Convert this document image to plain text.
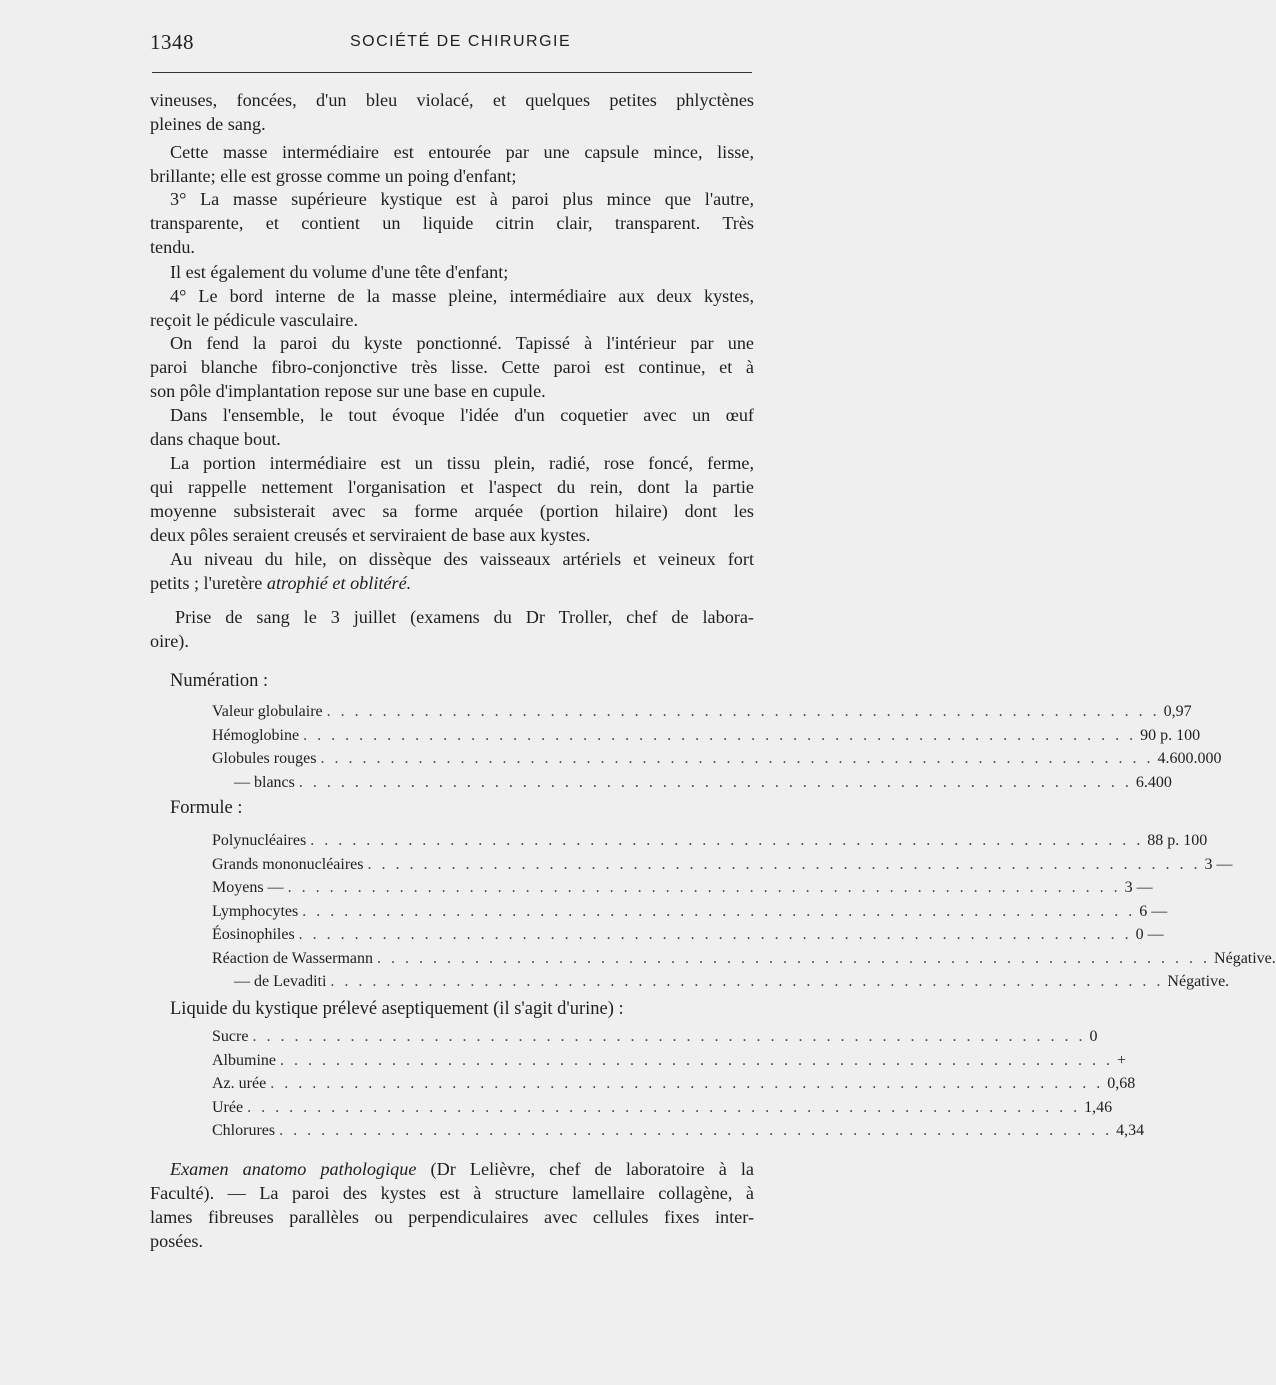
1348	SOCIÉTÉ DE CHIRURGIE
vineuses, foncées, d'un bleu violacé, et quelques petites phlyctènes
pleines de sang.
Cette masse intermédiaire est entourée par une capsule mince, lisse,
brillante; elle est grosse comme un poing d'enfant;
3° La masse supérieure kystique est à paroi plus mince que l'autre,
transparente, et contient un liquide citrin clair, transparent. Très
tendu.
Il est également du volume d'une tête d'enfant;
4° Le bord interne de la masse pleine, intermédiaire aux deux kystes,
reçoit le pédicule vasculaire.
On fend la paroi du kyste ponctionné. Tapissé à l'intérieur par une
paroi blanche fibro-conjonctive très lisse. Cette paroi est continue, et à
son pôle d'implantation repose sur une base en cupule.
Dans l'ensemble, le tout évoque l'idée d'un coquetier avec un œuf
dans chaque bout.
La portion intermédiaire est un tissu plein, radié, rose foncé, ferme,
qui rappelle nettement l'organisation et l'aspect du rein, dont la partie
moyenne subsisterait avec sa forme arquée (portion hilaire) dont les
deux pôles seraient creusés et serviraient de base aux kystes.
Au niveau du hile, on dissèque des vaisseaux artériels et veineux fort
petits ; l'uretère atrophié et oblitéré.
Prise de sang le 3 juillet (examens du Dr Troller, chef de labora-
oire).
Numération :
Valeur globulaire . . . . . . . . . . . . . . . . . . . . . . . . . . . . . . . . . . . . . . . . . . . . . . . . . . . . . . . . . . . . 0,97
Hémoglobine . . . . . . . . . . . . . . . . . . . . . . . . . . . . . . . . . . . . . . . . . . . . . . . . . . . . . . . . . . . . 90 p. 100
Globules rouges . . . . . . . . . . . . . . . . . . . . . . . . . . . . . . . . . . . . . . . . . . . . . . . . . . . . . . . . . . . . 4.600.000
— blancs . . . . . . . . . . . . . . . . . . . . . . . . . . . . . . . . . . . . . . . . . . . . . . . . . . . . . . . . . . . . 6.400
Formule :
Polynucléaires . . . . . . . . . . . . . . . . . . . . . . . . . . . . . . . . . . . . . . . . . . . . . . . . . . . . . . . . . . . . 88 p. 100
Grands mononucléaires . . . . . . . . . . . . . . . . . . . . . . . . . . . . . . . . . . . . . . . . . . . . . . . . . . . . . . . . . . . . 3 —
Moyens — . . . . . . . . . . . . . . . . . . . . . . . . . . . . . . . . . . . . . . . . . . . . . . . . . . . . . . . . . . . . 3 —
Lymphocytes . . . . . . . . . . . . . . . . . . . . . . . . . . . . . . . . . . . . . . . . . . . . . . . . . . . . . . . . . . . . 6 —
Éosinophiles . . . . . . . . . . . . . . . . . . . . . . . . . . . . . . . . . . . . . . . . . . . . . . . . . . . . . . . . . . . . 0 —
Réaction de Wassermann . . . . . . . . . . . . . . . . . . . . . . . . . . . . . . . . . . . . . . . . . . . . . . . . . . . . . . . . . . . . Négative.
— de Levaditi . . . . . . . . . . . . . . . . . . . . . . . . . . . . . . . . . . . . . . . . . . . . . . . . . . . . . . . . . . . . Négative.
Liquide du kystique prélevé aseptiquement (il s'agit d'urine) :
Sucre . . . . . . . . . . . . . . . . . . . . . . . . . . . . . . . . . . . . . . . . . . . . . . . . . . . . . . . . . . . . 0
Albumine . . . . . . . . . . . . . . . . . . . . . . . . . . . . . . . . . . . . . . . . . . . . . . . . . . . . . . . . . . . . +
Az. urée . . . . . . . . . . . . . . . . . . . . . . . . . . . . . . . . . . . . . . . . . . . . . . . . . . . . . . . . . . . . 0,68
Urée . . . . . . . . . . . . . . . . . . . . . . . . . . . . . . . . . . . . . . . . . . . . . . . . . . . . . . . . . . . . 1,46
Chlorures . . . . . . . . . . . . . . . . . . . . . . . . . . . . . . . . . . . . . . . . . . . . . . . . . . . . . . . . . . . . 4,34
Examen anatomo pathologique (Dr Lelièvre, chef de laboratoire à la
Faculté). — La paroi des kystes est à structure lamellaire collagène, à
lames fibreuses parallèles ou perpendiculaires avec cellules fixes inter-
posées.
